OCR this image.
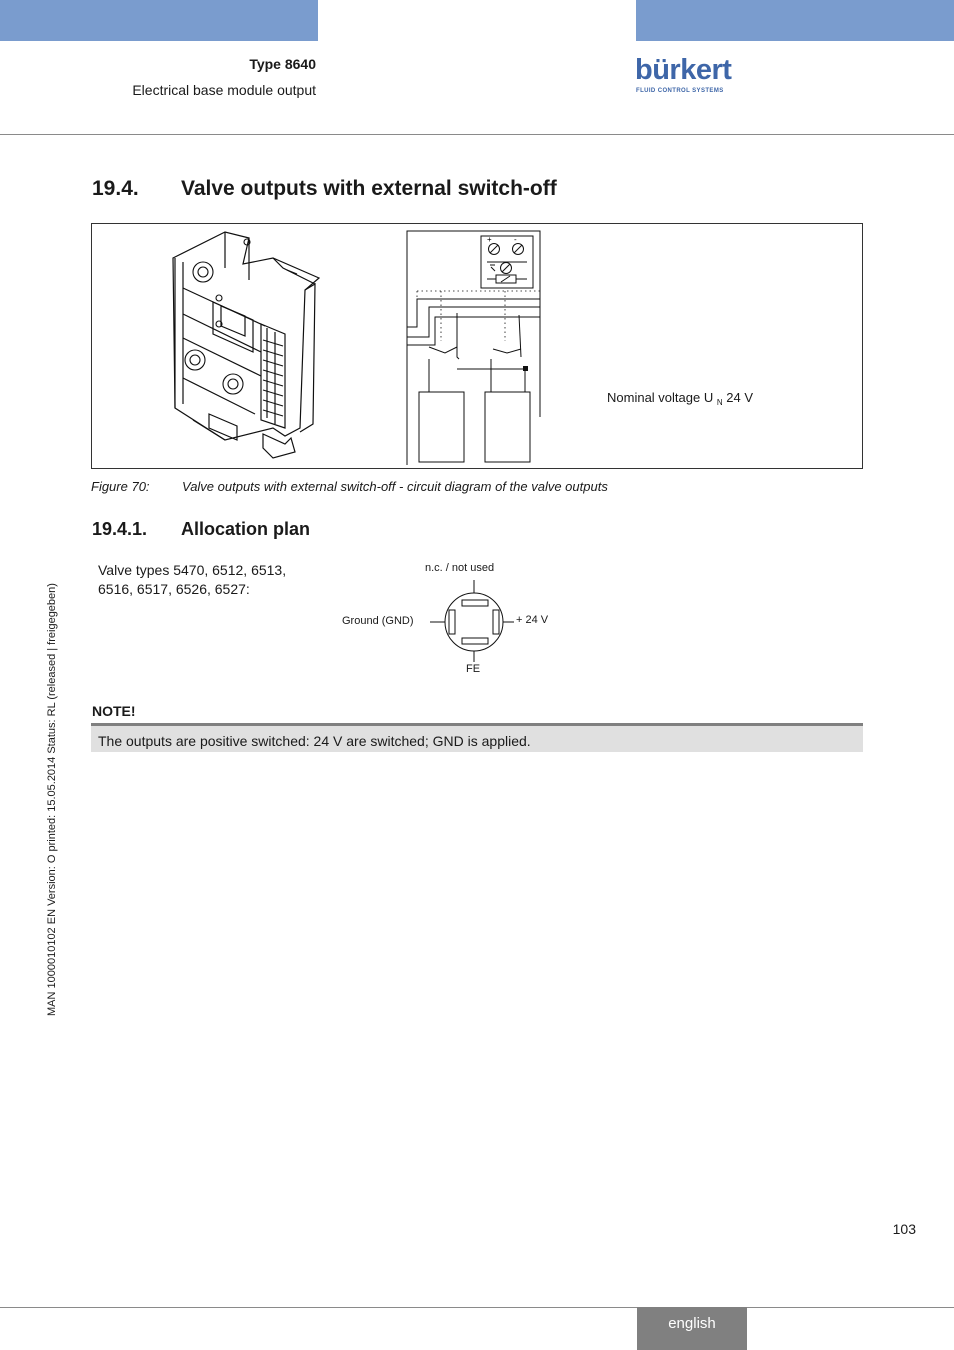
Type 8640
Electrical base module output
bürkert
FLUID CONTROL SYSTEMS
19.4. Valve outputs with external switch-off
+	-
Nominal voltage U $_N$ 24 V
Figure 70: Valve outputs with external switch-off - circuit diagram of the valve outputs
19.4.1. Allocation plan
Valve types 5470, 6512, 6513,
6516, 6517, 6526, 6527:
n.c. / not used
Ground (GND)	+ 24 V
FE
NOTE!
The outputs are positive switched: 24 V are switched; GND is applied.
MAN 1000010102 EN Version: O printed: 15.05.2014 Status: RL (released | freigegeben)
103
english
